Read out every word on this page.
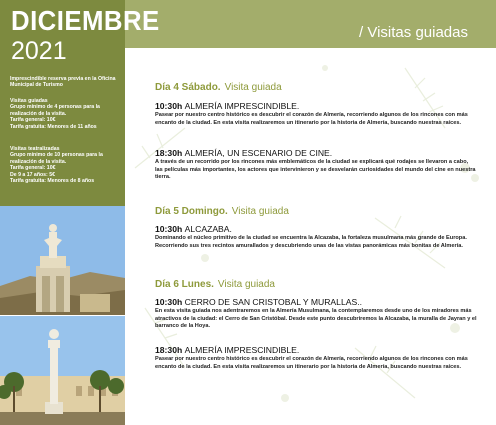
DICIEMBRE
2021
/ Visitas guiadas
Imprescindible reserva previa en la Oficina Municipal de Turismo
Visitas guiadas
Grupo mínimo de 4 personas para la realización de la visita.
Tarifa general: 10€
Tarifa gratuita: Menores de 11 años
Visitas teatralizadas
Grupo mínimo de 10 personas para la realización de la visita.
Tarifa general: 10€
De 9 a 17 años: 5€
Tarifa gratuita: Menores de 8 años
Día 4 Sábado. Visita guiada
10:30h ALMERÍA IMPRESCINDIBLE.
Pasear por nuestro centro histórico es descubrir el corazón de Almería, recorriendo algunos de los rincones con más encanto de la ciudad. En esta visita realizaremos un itinerario por la historia de Almería, buscando nuestras raíces.
18:30h ALMERÍA, UN ESCENARIO DE CINE.
A través de un recorrido por los rincones más emblemáticos de la ciudad se explicará qué rodajes se llevaron a cabo, las películas más importantes, los actores que intervinieron y se desvelarán curiosidades del mundo del cine en nuestra tierra.
Día 5 Domingo. Visita guiada
10:30h ALCAZABA.
Dominando el núcleo primitivo de la ciudad se encuentra la Alcazaba, la fortaleza musulmana más grande de Europa. Recorriendo sus tres recintos amurallados y descubriendo unas de las vistas panorámicas más bonitas de Almería.
Día 6 Lunes. Visita guiada
10:30h CERRO DE SAN CRISTOBAL Y MURALLAS..
En esta visita guiada nos adentraremos en la Almería Musulmana, la contemplaremos desde uno de los miradores más atractivos de la ciudad: el Cerro de San Cristóbal. Desde este punto descubriremos la Alcazaba, la muralla de Jayran y el barranco de la Hoya.
18:30h ALMERÍA IMPRESCINDIBLE.
Pasear por nuestro centro histórico es descubrir el corazón de Almería, recorriendo algunos de los rincones con más encanto de la ciudad. En esta visita realizaremos un itinerario por la historia de Almería, buscando nuestras raíces.
